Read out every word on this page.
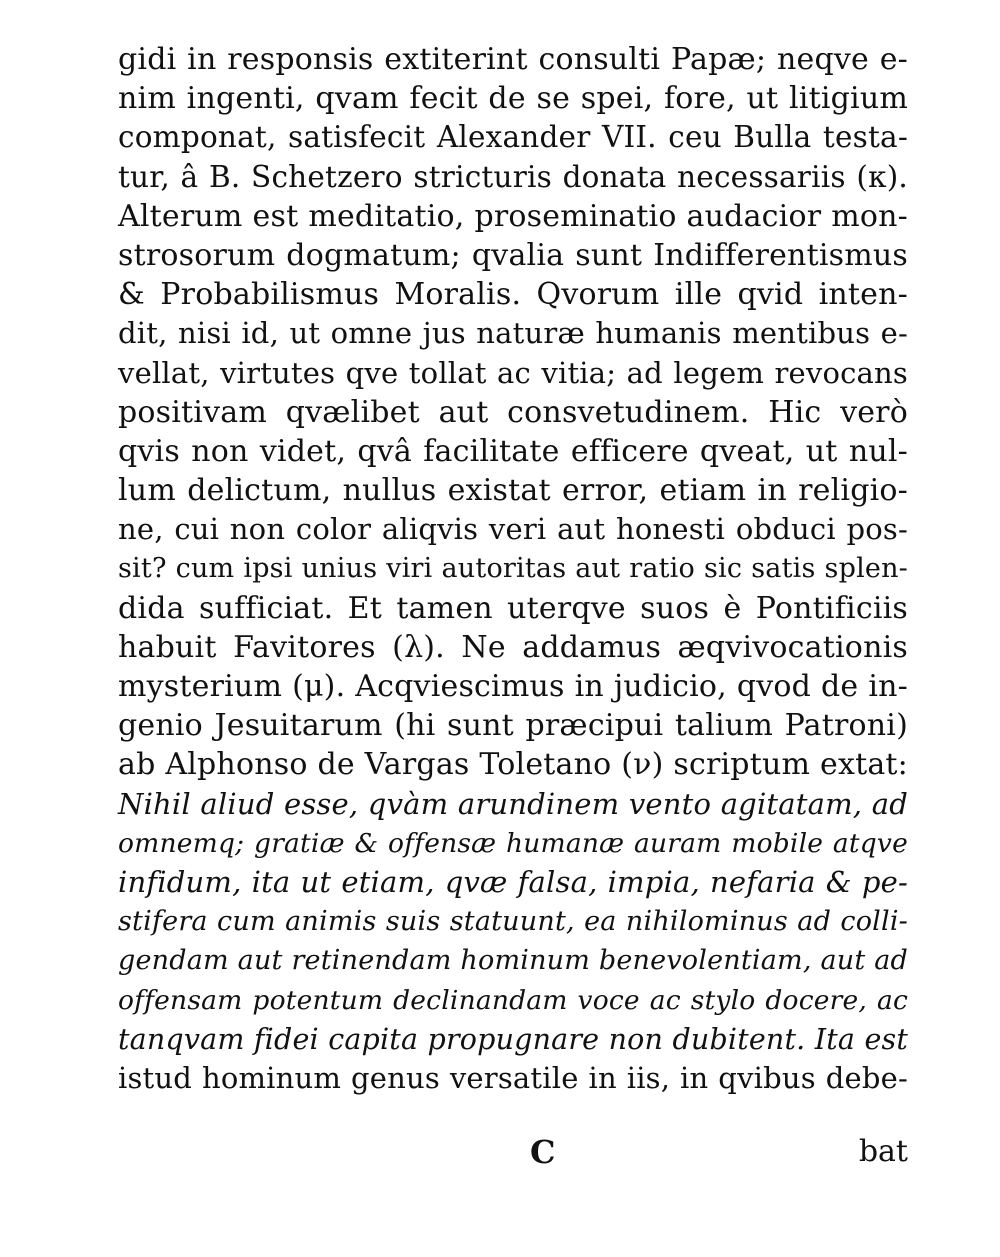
gidi in responsis extiterint consulti Papæ; neqve e-
nim ingenti, qvam fecit de se spei, fore, ut litigium
componat, satisfecit Alexander VII. ceu Bulla testa-
tur, â B. Schetzero stricturis donata necessariis (κ).
Alterum est meditatio, proseminatio audacior mon-
strosorum dogmatum; qvalia sunt Indifferentismus
& Probabilismus Moralis. Qvorum ille qvid inten-
dit, nisi id, ut omne jus naturæ humanis mentibus e-
vellat, virtutes qve tollat ac vitia; ad legem revocans
positivam qvælibet aut consvetudinem. Hic verò
qvis non videt, qvâ facilitate efficere qveat, ut nul-
lum delictum, nullus existat error, etiam in religio-
ne, cui non color aliqvis veri aut honesti obduci pos-
sit? cum ipsi unius viri autoritas aut ratio sic satis splen-
dida sufficiat. Et tamen uterqve suos è Pontificiis
habuit Favitores (λ). Ne addamus æqvivocationis
mysterium (μ). Acqviescimus in judicio, qvod de in-
genio Jesuitarum (hi sunt præcipui talium Patroni)
ab Alphonso de Vargas Toletano (ν) scriptum extat:
Nihil aliud esse, qvàm arundinem vento agitatam, ad
omnemq; gratiæ & offensæ humanæ auram mobile atqve
infidum, ita ut etiam, qvæ falsa, impia, nefaria & pe-
stifera cum animis suis statuunt, ea nihilominus ad colli-
gendam aut retinendam hominum benevolentiam, aut ad
offensam potentum declinandam voce ac stylo docere, ac
tanqvam fidei capita propugnare non dubitent. Ita est
istud hominum genus versatile in iis, in qvibus debe-
C	bat
